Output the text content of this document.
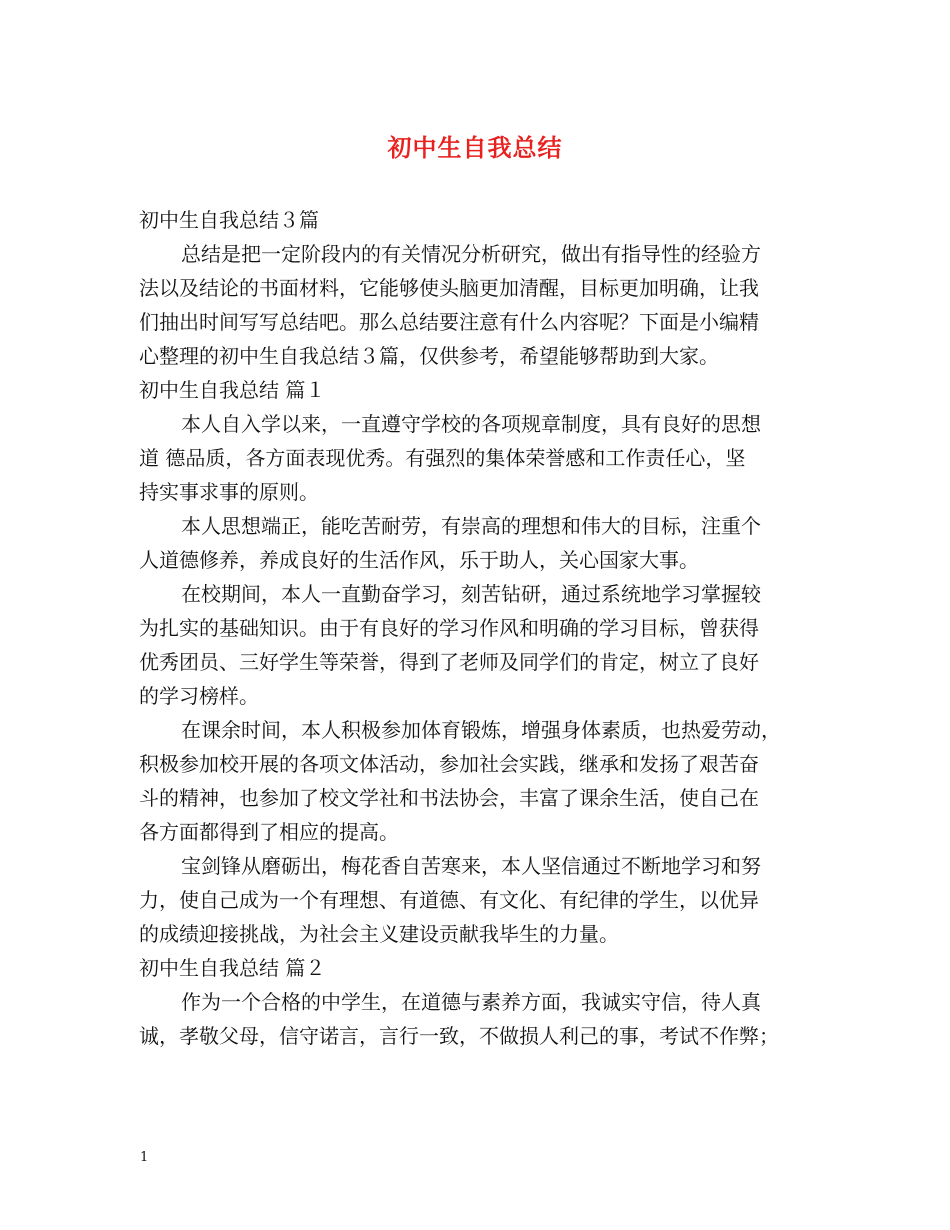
初中生自我总结
初中生自我总结３篇
总结是把一定阶段内的有关情况分析研究，做出有指导性的经验方
法以及结论的书面材料，它能够使头脑更加清醒，目标更加明确，让我
们抽出时间写写总结吧。那么总结要注意有什么内容呢？下面是小编精
心整理的初中生自我总结３篇，仅供参考，希望能够帮助到大家。
初中生自我总结 篇１
本人自入学以来，一直遵守学校的各项规章制度，具有良好的思想
道 德品质，各方面表现优秀。有强烈的集体荣誉感和工作责任心，坚
持实事求事的原则。
本人思想端正，能吃苦耐劳，有崇高的理想和伟大的目标，注重个
人道德修养，养成良好的生活作风，乐于助人，关心国家大事。
在校期间，本人一直勤奋学习，刻苦钻研，通过系统地学习掌握较
为扎实的基础知识。由于有良好的学习作风和明确的学习目标，曾获得
优秀团员、三好学生等荣誉，得到了老师及同学们的肯定，树立了良好
的学习榜样。
在课余时间，本人积极参加体育锻炼，增强身体素质，也热爱劳动，
积极参加校开展的各项文体活动，参加社会实践，继承和发扬了艰苦奋
斗的精神，也参加了校文学社和书法协会，丰富了课余生活，使自己在
各方面都得到了相应的提高。
宝剑锋从磨砺出，梅花香自苦寒来，本人坚信通过不断地学习和努
力，使自己成为一个有理想、有道德、有文化、有纪律的学生，以优异
的成绩迎接挑战，为社会主义建设贡献我毕生的力量。
初中生自我总结 篇２
作为一个合格的中学生，在道德与素养方面，我诚实守信，待人真
诚，孝敬父母，信守诺言，言行一致，不做损人利己的事，考试不作弊；
1
